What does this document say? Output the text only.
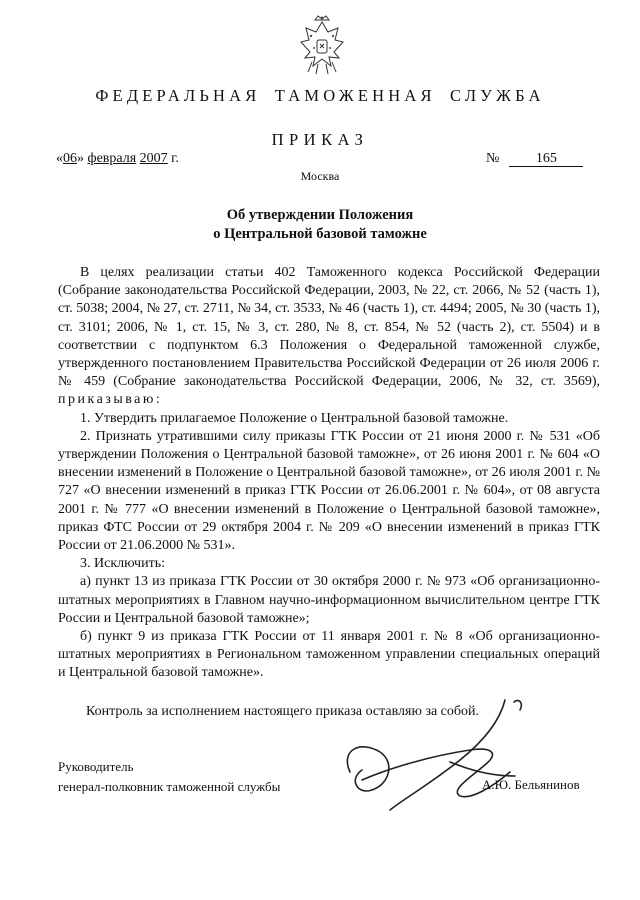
ФЕДЕРАЛЬНАЯ ТАМОЖЕННАЯ СЛУЖБА
ПРИКАЗ
«06» февраля 2007 г.	№	165
Москва
Об утверждении Положения
о Центральной базовой таможне

В целях реализации статьи 402 Таможенного кодекса Российской Федерации (Собрание законодательства Российской Федерации, 2003, № 22, ст. 2066, № 52 (часть 1), ст. 5038; 2004, № 27, ст. 2711, № 34, ст. 3533, № 46 (часть 1), ст. 4494; 2005, № 30 (часть 1), ст. 3101; 2006, № 1, ст. 15, № 3, ст. 280, № 8, ст. 854, № 52 (часть 2), ст. 5504) и в соответствии с подпунктом 6.3 Положения о Федеральной таможенной службе, утвержденного постановлением Правительства Российской Федерации от 26 июля 2006 г. № 459 (Собрание законодательства Российской Федерации, 2006, № 32, ст. 3569), приказываю:

1. Утвердить прилагаемое Положение о Центральной базовой таможне.

2. Признать утратившими силу приказы ГТК России от 21 июня 2000 г. № 531 «Об утверждении Положения о Центральной базовой таможне», от 26 июня 2001 г. № 604 «О внесении изменений в Положение о Центральной базовой таможне», от 26 июля 2001 г. № 727 «О внесении изменений в приказ ГТК России от 26.06.2001 г. № 604», от 08 августа 2001 г. № 777 «О внесении изменений в Положение о Центральной базовой таможне», приказ ФТС России от 29 октября 2004 г. № 209 «О внесении изменений в приказ ГТК России от 21.06.2000 № 531».

3. Исключить:

а) пункт 13 из приказа ГТК России от 30 октября 2000 г. № 973 «Об организационно-штатных мероприятиях в Главном научно-информационном вычислительном центре ГТК России и Центральной базовой таможне»;

б) пункт 9 из приказа ГТК России от 11 января 2001 г. № 8 «Об организационно-штатных мероприятиях в Региональном таможенном управлении специальных операций и Центральной базовой таможне».

Контроль за исполнением настоящего приказа оставляю за собой.
Руководитель
генерал-полковник таможенной службы	А.Ю. Бельянинов
